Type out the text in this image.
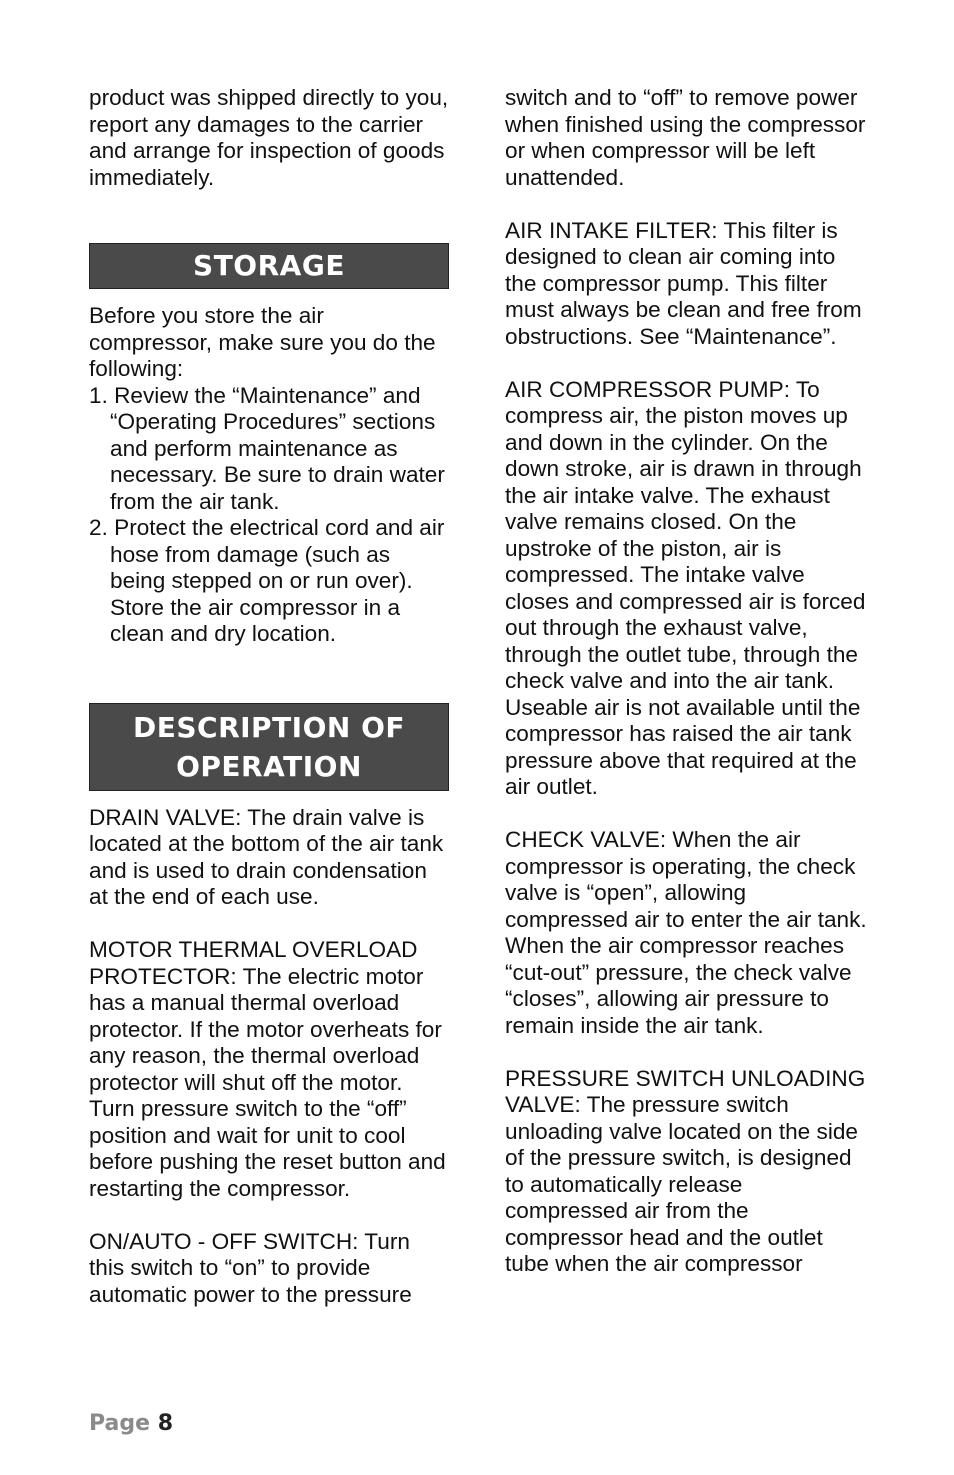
product was shipped directly to you, report any damages to the carrier and arrange for inspection of goods immediately.

STORAGE

Before you store the air compressor, make sure you do the following:

1. Review the “Maintenance” and “Operating Procedures” sections and perform maintenance as necessary. Be sure to drain water from the air tank.
2. Protect the electrical cord and air hose from damage (such as being stepped on or run over). Store the air compressor in a clean and dry location.
DESCRIPTION OF
OPERATION

DRAIN VALVE: The drain valve is located at the bottom of the air tank and is used to drain condensation at the end of each use.

MOTOR THERMAL OVERLOAD PROTECTOR: The electric motor has a manual thermal overload protector. If the motor overheats for any reason, the thermal overload protector will shut off the motor. Turn pressure switch to the “off” position and wait for unit to cool before pushing the reset button and restarting the compressor.

ON/AUTO - OFF SWITCH: Turn this switch to “on” to provide automatic power to the pressure

switch and to “off” to remove power when finished using the compressor or when compressor will be left unattended.

AIR INTAKE FILTER: This filter is designed to clean air coming into the compressor pump. This filter must always be clean and free from obstructions. See “Maintenance”.

AIR COMPRESSOR PUMP: To compress air, the piston moves up and down in the cylinder. On the down stroke, air is drawn in through the air intake valve. The exhaust valve remains closed. On the upstroke of the piston, air is compressed. The intake valve closes and compressed air is forced out through the exhaust valve, through the outlet tube, through the check valve and into the air tank. Useable air is not available until the compressor has raised the air tank pressure above that required at the air outlet.

CHECK VALVE: When the air compressor is operating, the check valve is “open”, allowing compressed air to enter the air tank. When the air compressor reaches “cut-out” pressure, the check valve “closes”, allowing air pressure to remain inside the air tank.

PRESSURE SWITCH UNLOADING VALVE: The pressure switch unloading valve located on the side of the pressure switch, is designed to automatically release compressed air from the compressor head and the outlet tube when the air compressor

Page 8
